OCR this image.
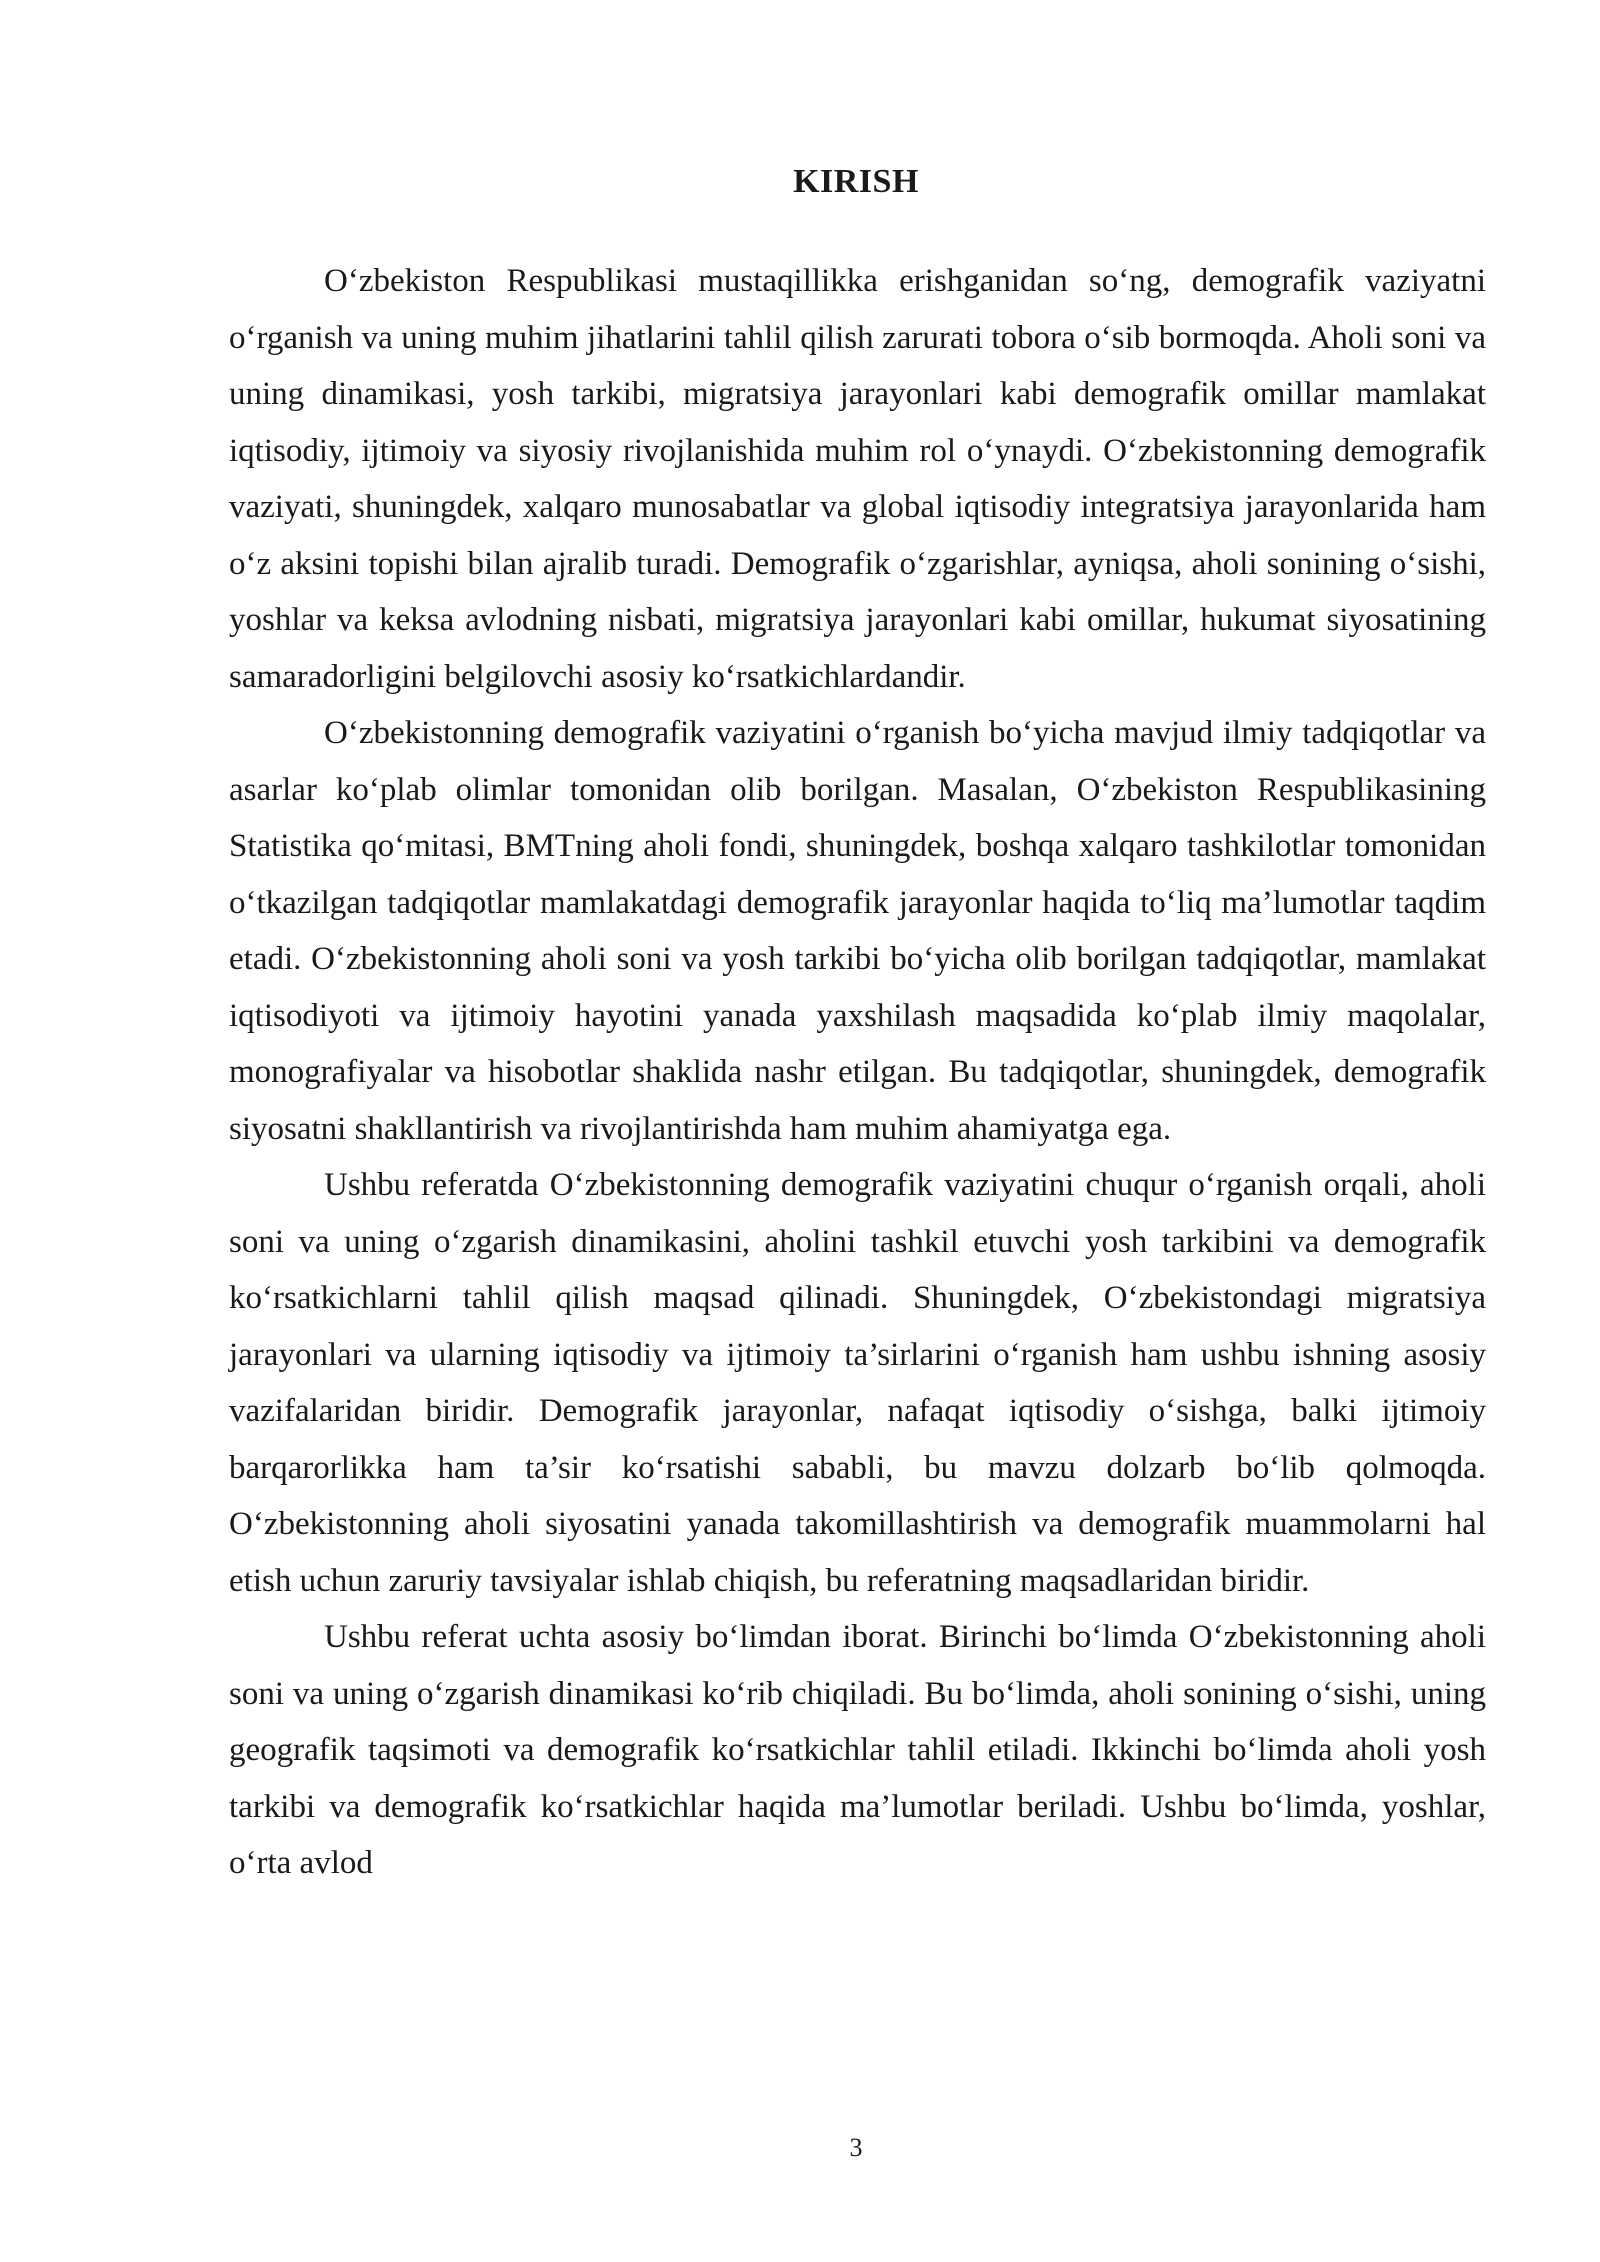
KIRISH

O‘zbekiston Respublikasi mustaqillikka erishganidan so‘ng, demografik vaziyatni o‘rganish va uning muhim jihatlarini tahlil qilish zarurati tobora o‘sib bormoqda. Aholi soni va uning dinamikasi, yosh tarkibi, migratsiya jarayonlari kabi demografik omillar mamlakat iqtisodiy, ijtimoiy va siyosiy rivojlanishida muhim rol o‘ynaydi. O‘zbekistonning demografik vaziyati, shuningdek, xalqaro munosabatlar va global iqtisodiy integratsiya jarayonlarida ham o‘z aksini topishi bilan ajralib turadi. Demografik o‘zgarishlar, ayniqsa, aholi sonining o‘sishi, yoshlar va keksa avlodning nisbati, migratsiya jarayonlari kabi omillar, hukumat siyosatining samaradorligini belgilovchi asosiy ko‘rsatkichlardandir.

O‘zbekistonning demografik vaziyatini o‘rganish bo‘yicha mavjud ilmiy tadqiqotlar va asarlar ko‘plab olimlar tomonidan olib borilgan. Masalan, O‘zbekiston Respublikasining Statistika qo‘mitasi, BMTning aholi fondi, shuningdek, boshqa xalqaro tashkilotlar tomonidan o‘tkazilgan tadqiqotlar mamlakatdagi demografik jarayonlar haqida to‘liq ma’lumotlar taqdim etadi. O‘zbekistonning aholi soni va yosh tarkibi bo‘yicha olib borilgan tadqiqotlar, mamlakat iqtisodiyoti va ijtimoiy hayotini yanada yaxshilash maqsadida ko‘plab ilmiy maqolalar, monografiyalar va hisobotlar shaklida nashr etilgan. Bu tadqiqotlar, shuningdek, demografik siyosatni shakllantirish va rivojlantirishda ham muhim ahamiyatga ega.

Ushbu referatda O‘zbekistonning demografik vaziyatini chuqur o‘rganish orqali, aholi soni va uning o‘zgarish dinamikasini, aholini tashkil etuvchi yosh tarkibini va demografik ko‘rsatkichlarni tahlil qilish maqsad qilinadi. Shuningdek, O‘zbekistondagi migratsiya jarayonlari va ularning iqtisodiy va ijtimoiy ta’sirlarini o‘rganish ham ushbu ishning asosiy vazifalaridan biridir. Demografik jarayonlar, nafaqat iqtisodiy o‘sishga, balki ijtimoiy barqarorlikka ham ta’sir ko‘rsatishi sababli, bu mavzu dolzarb bo‘lib qolmoqda. O‘zbekistonning aholi siyosatini yanada takomillashtirish va demografik muammolarni hal etish uchun zaruriy tavsiyalar ishlab chiqish, bu referatning maqsadlaridan biridir.

Ushbu referat uchta asosiy bo‘limdan iborat. Birinchi bo‘limda O‘zbekistonning aholi soni va uning o‘zgarish dinamikasi ko‘rib chiqiladi. Bu bo‘limda, aholi sonining o‘sishi, uning geografik taqsimoti va demografik ko‘rsatkichlar tahlil etiladi. Ikkinchi bo‘limda aholi yosh tarkibi va demografik ko‘rsatkichlar haqida ma’lumotlar beriladi. Ushbu bo‘limda, yoshlar, o‘rta avlod

3
